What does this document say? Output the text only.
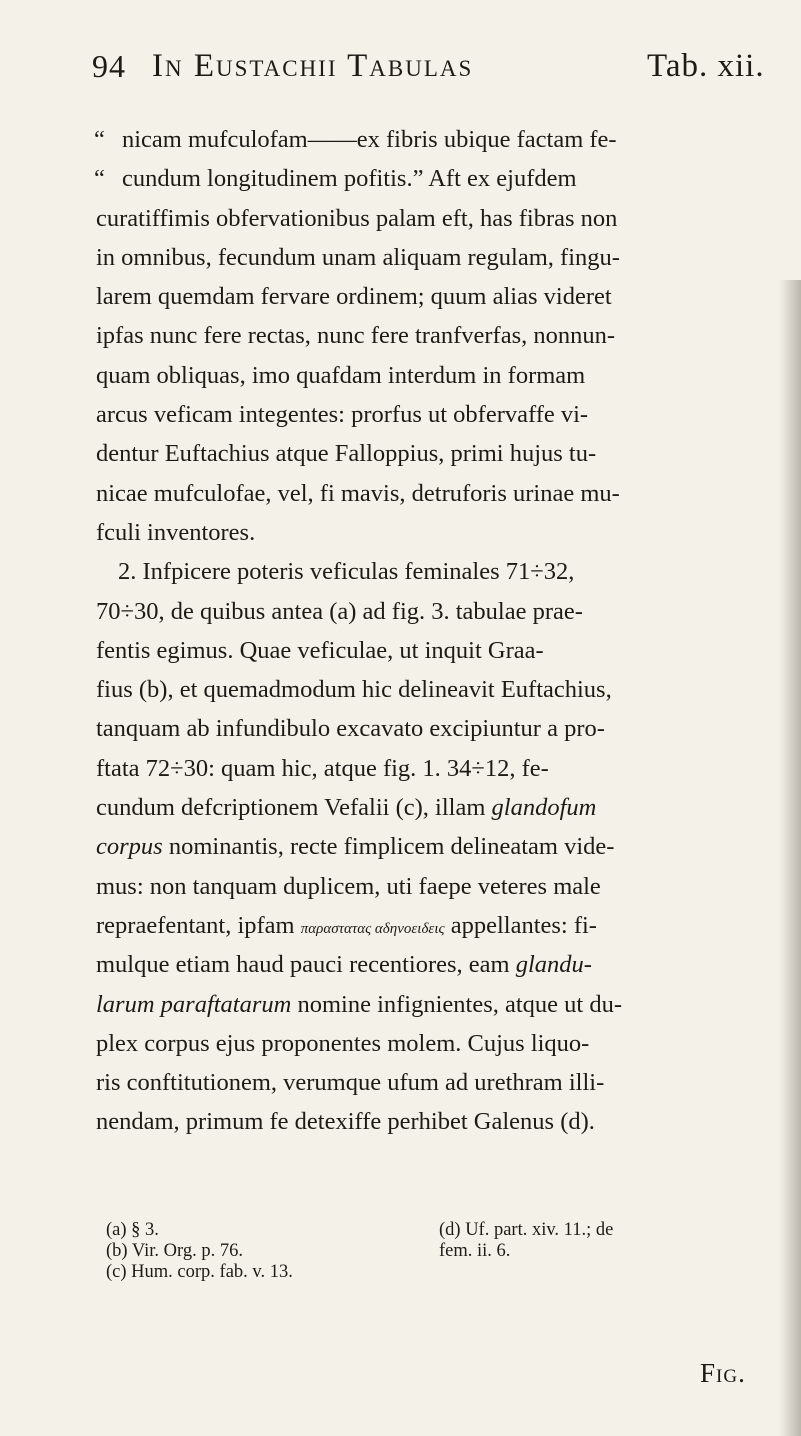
94 In Eustachii Tabulas	Tab. xii.
“ nicam mufculofam——ex fibris ubique factam fe-
“ cundum longitudinem pofitis.” Aft ex ejufdem
curatiffimis obfervationibus palam eft, has fibras non
in omnibus, fecundum unam aliquam regulam, fingu-
larem quemdam fervare ordinem; quum alias videret
ipfas nunc fere rectas, nunc fere tranfverfas, nonnun-
quam obliquas, imo quafdam interdum in formam
arcus veficam integentes: prorfus ut obfervaffe vi-
dentur Euftachius atque Falloppius, primi hujus tu-
nicae mufculofae, vel, fi mavis, detruforis urinae mu-
fculi inventores.
2. Infpicere poteris veficulas feminales 71÷32,
70÷30, de quibus antea (a) ad fig. 3. tabulae prae-
fentis egimus. Quae veficulae, ut inquit Graa-
fius (b), et quemadmodum hic delineavit Euftachius,
tanquam ab infundibulo excavato excipiuntur a pro-
ftata 72÷30: quam hic, atque fig. 1. 34÷12, fe-
cundum defcriptionem Vefalii (c), illam glandofum
corpus nominantis, recte fimplicem delineatam vide-
mus: non tanquam duplicem, uti faepe veteres male
repraefentant, ipfam παραστατας αδηνοειδεις appellantes: fi-
mulque etiam haud pauci recentiores, eam glandu-
larum paraftatarum nomine infignientes, atque ut du-
plex corpus ejus proponentes molem. Cujus liquo-
ris conftitutionem, verumque ufum ad urethram illi-
nendam, primum fe detexiffe perhibet Galenus (d).
(a) § 3.	(d) Uf. part. xiv. 11.; de
(b) Vir. Org. p. 76.	fem. ii. 6.
(c) Hum. corp. fab. v. 13.
Fig.
